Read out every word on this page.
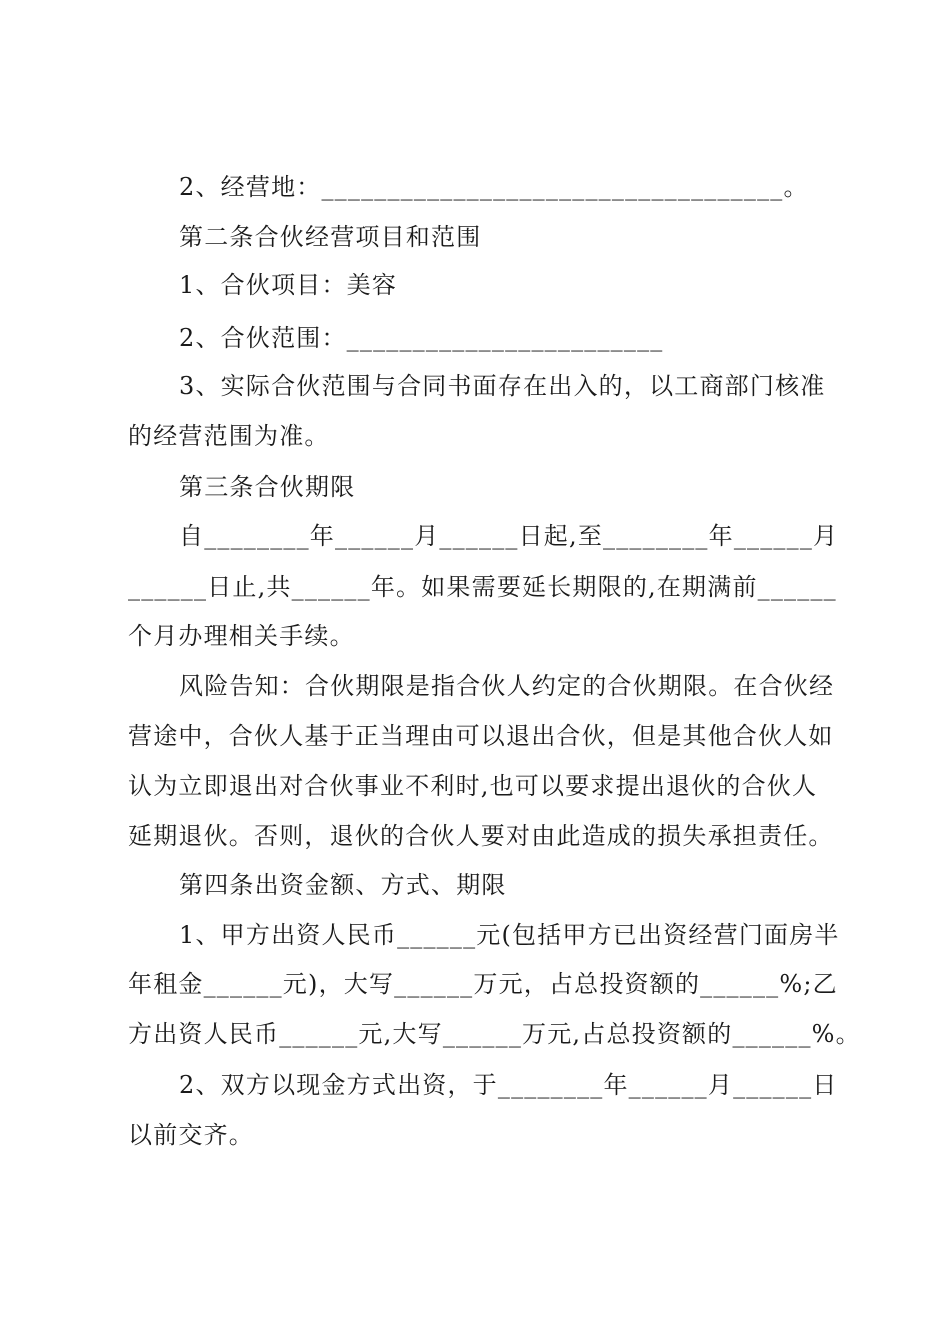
2、经营地：___________________________________。
第二条合伙经营项目和范围
1、合伙项目：美容
2、合伙范围：________________________
3、实际合伙范围与合同书面存在出入的，以工商部门核准
的经营范围为准。
第三条合伙期限
自________年______月______日起,至________年______月
______日止,共______年。如果需要延长期限的,在期满前______
个月办理相关手续。
风险告知：合伙期限是指合伙人约定的合伙期限。在合伙经
营途中，合伙人基于正当理由可以退出合伙，但是其他合伙人如
认为立即退出对合伙事业不利时,也可以要求提出退伙的合伙人
延期退伙。否则，退伙的合伙人要对由此造成的损失承担责任。
第四条出资金额、方式、期限
1、甲方出资人民币______元(包括甲方已出资经营门面房半
年租金______元)，大写______万元，占总投资额的______%;乙
方出资人民币______元,大写______万元,占总投资额的______%。
2、双方以现金方式出资，于________年______月______日
以前交齐。
